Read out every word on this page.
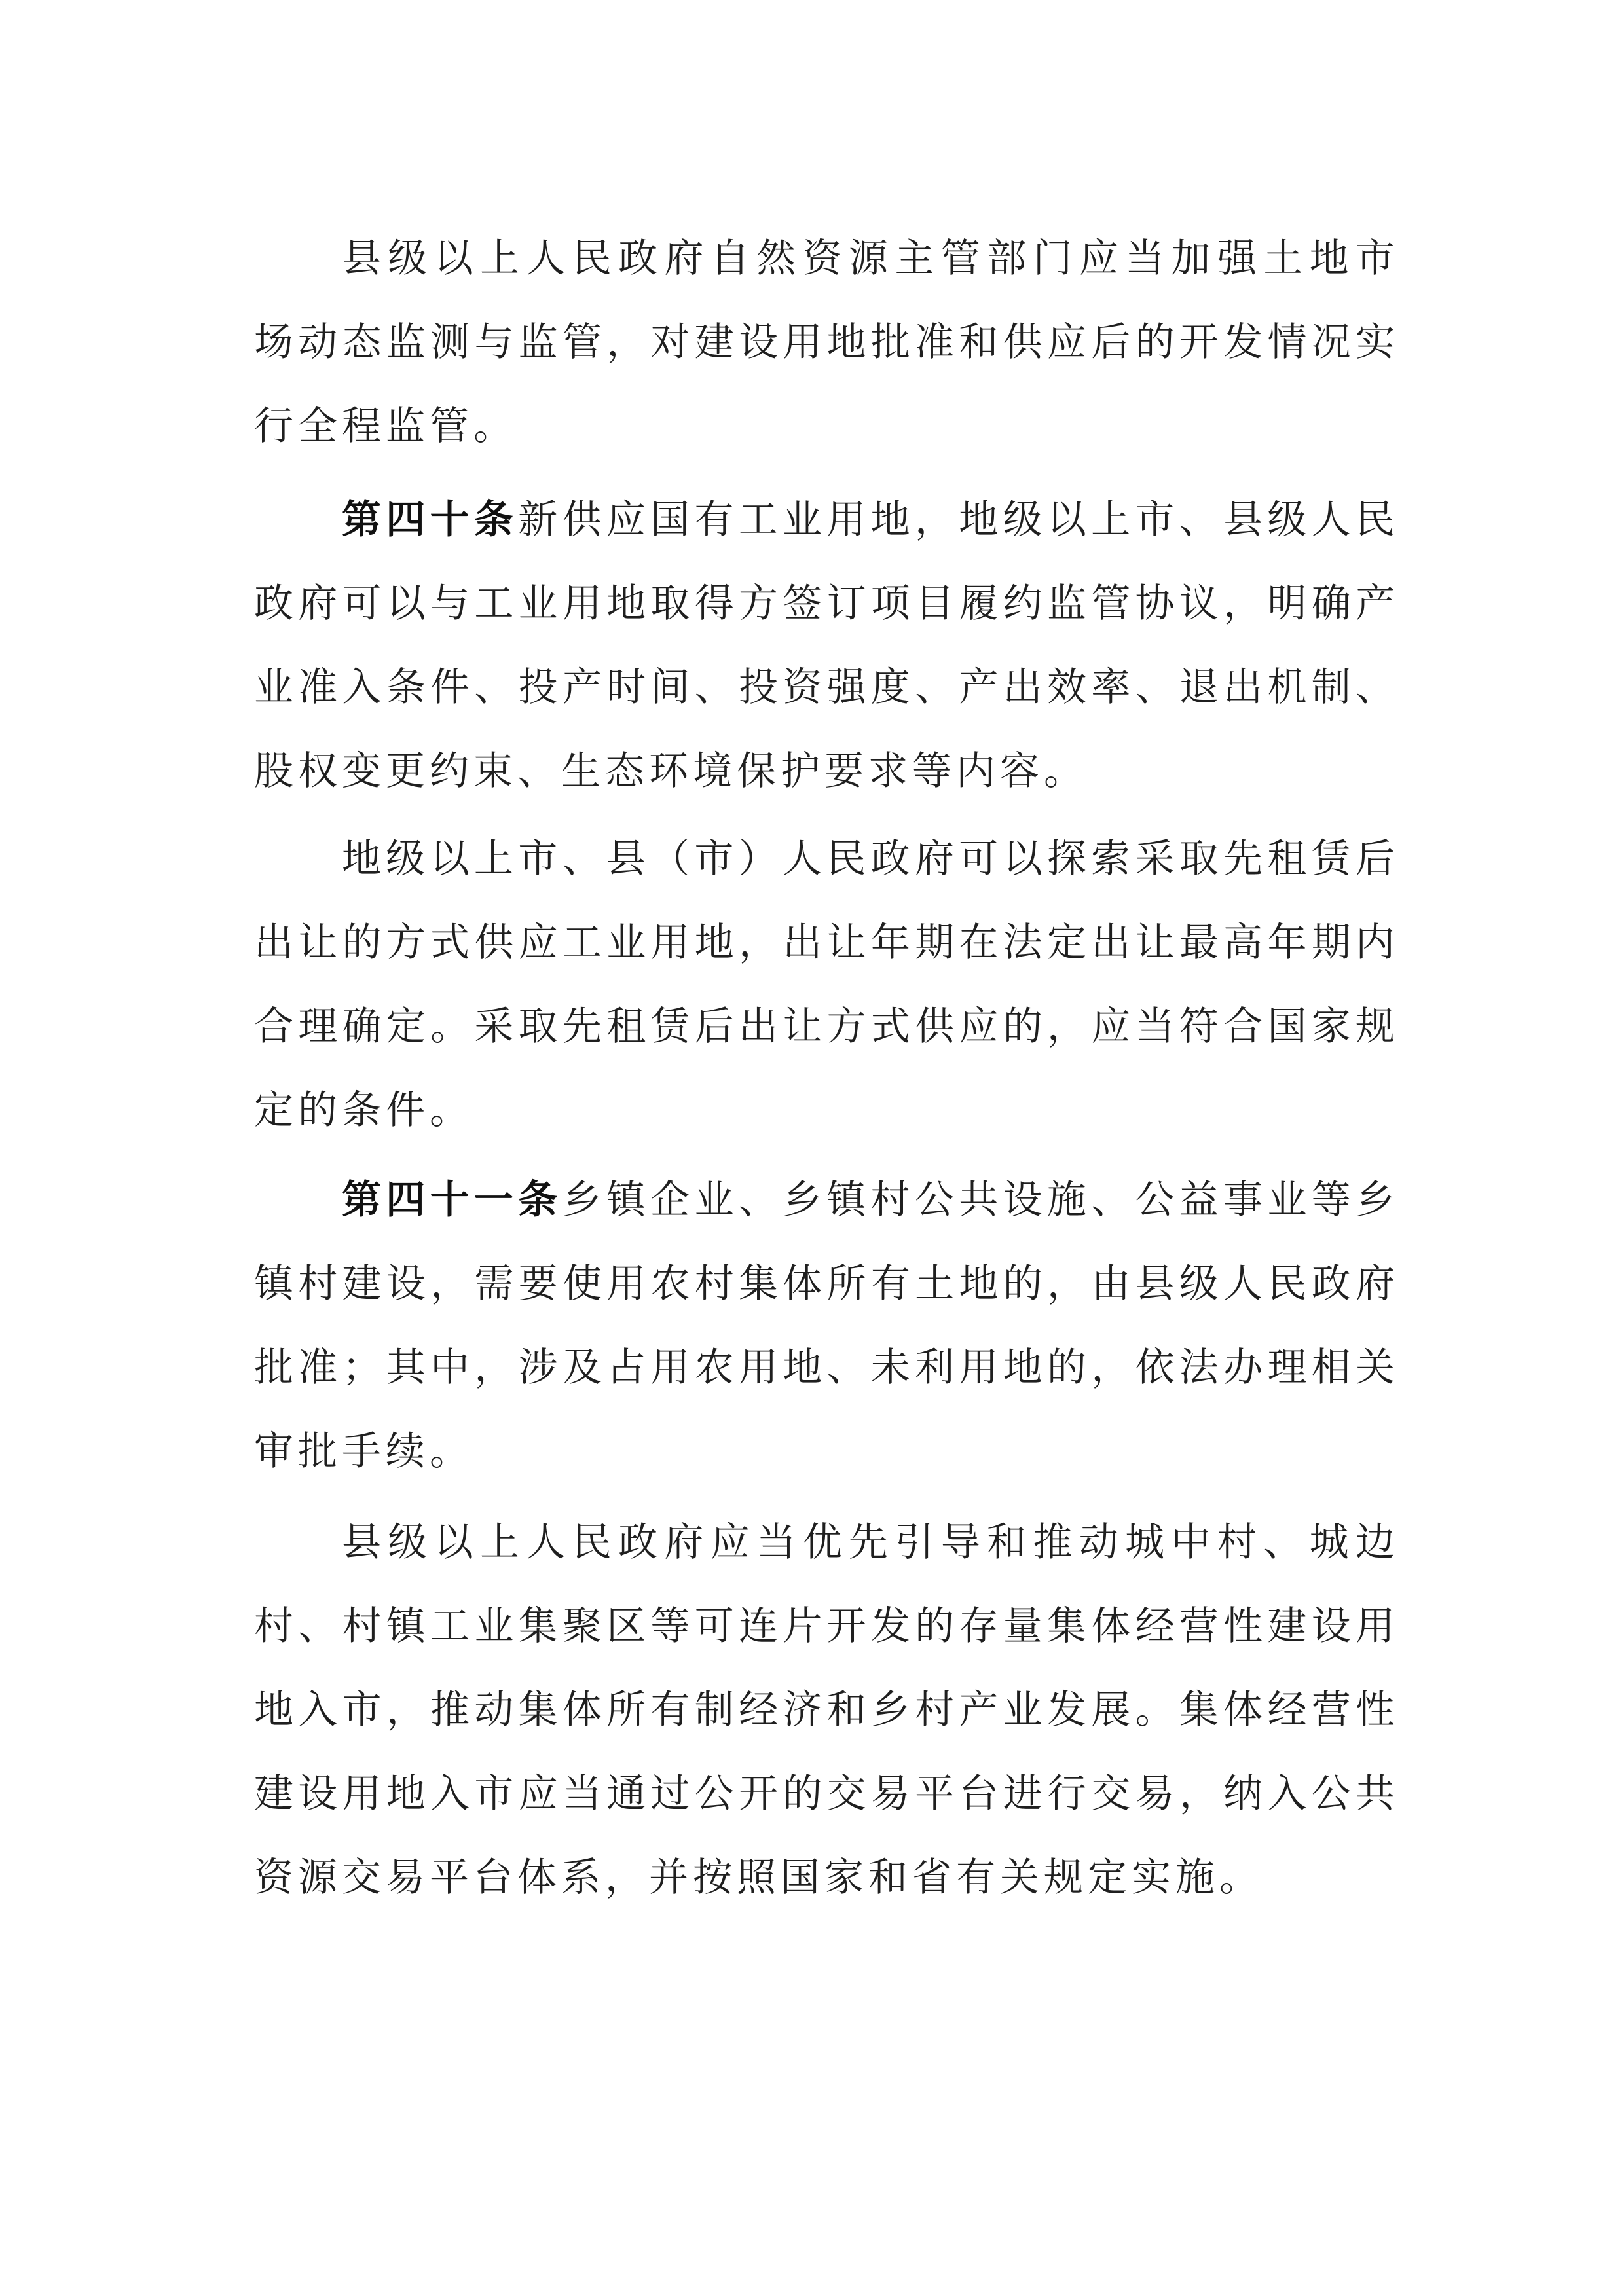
县级以上人民政府自然资源主管部门应当加强土地市
场动态监测与监管，对建设用地批准和供应后的开发情况实
行全程监管。
第四十条新供应国有工业用地，地级以上市、县级人民
政府可以与工业用地取得方签订项目履约监管协议，明确产
业准入条件、投产时间、投资强度、产出效率、退出机制、
股权变更约束、生态环境保护要求等内容。
地级以上市、县（市）人民政府可以探索采取先租赁后
出让的方式供应工业用地，出让年期在法定出让最高年期内
合理确定。采取先租赁后出让方式供应的，应当符合国家规
定的条件。
第四十一条乡镇企业、乡镇村公共设施、公益事业等乡
镇村建设，需要使用农村集体所有土地的，由县级人民政府
批准；其中，涉及占用农用地、未利用地的，依法办理相关
审批手续。
县级以上人民政府应当优先引导和推动城中村、城边
村、村镇工业集聚区等可连片开发的存量集体经营性建设用
地入市，推动集体所有制经济和乡村产业发展。集体经营性
建设用地入市应当通过公开的交易平台进行交易，纳入公共
资源交易平台体系，并按照国家和省有关规定实施。
